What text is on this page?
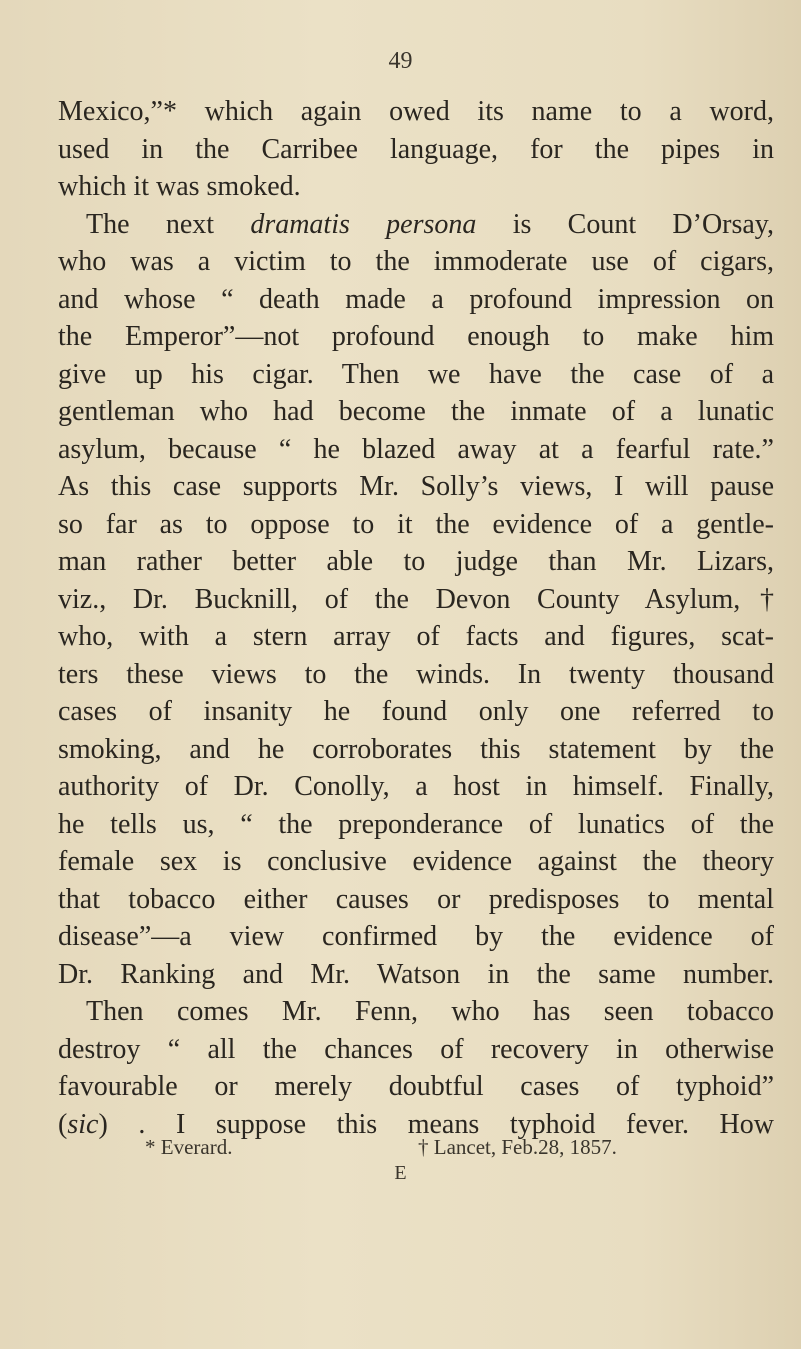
49
Mexico,”* which again owed its name to a word,
used in the Carribee language, for the pipes in
which it was smoked.
The next dramatis persona is Count D’Orsay,
who was a victim to the immoderate use of cigars,
and whose “ death made a profound impression on
the Emperor”—not profound enough to make him
give up his cigar. Then we have the case of a
gentleman who had become the inmate of a lunatic
asylum, because “ he blazed away at a fearful rate.”
As this case supports Mr. Solly’s views, I will pause
so far as to oppose to it the evidence of a gentle-
man rather better able to judge than Mr. Lizars,
viz., Dr. Bucknill, of the Devon County Asylum,†
who, with a stern array of facts and figures, scat-
ters these views to the winds. In twenty thousand
cases of insanity he found only one referred to
smoking, and he corroborates this statement by the
authority of Dr. Conolly, a host in himself. Finally,
he tells us, “ the preponderance of lunatics of the
female sex is conclusive evidence against the theory
that tobacco either causes or predisposes to mental
disease”—a view confirmed by the evidence of
Dr. Ranking and Mr. Watson in the same number.
Then comes Mr. Fenn, who has seen tobacco
destroy “ all the chances of recovery in otherwise
favourable or merely doubtful cases of typhoid”
(sic) . I suppose this means typhoid fever. How
* Everard.	† Lancet, Feb.28, 1857.
E
